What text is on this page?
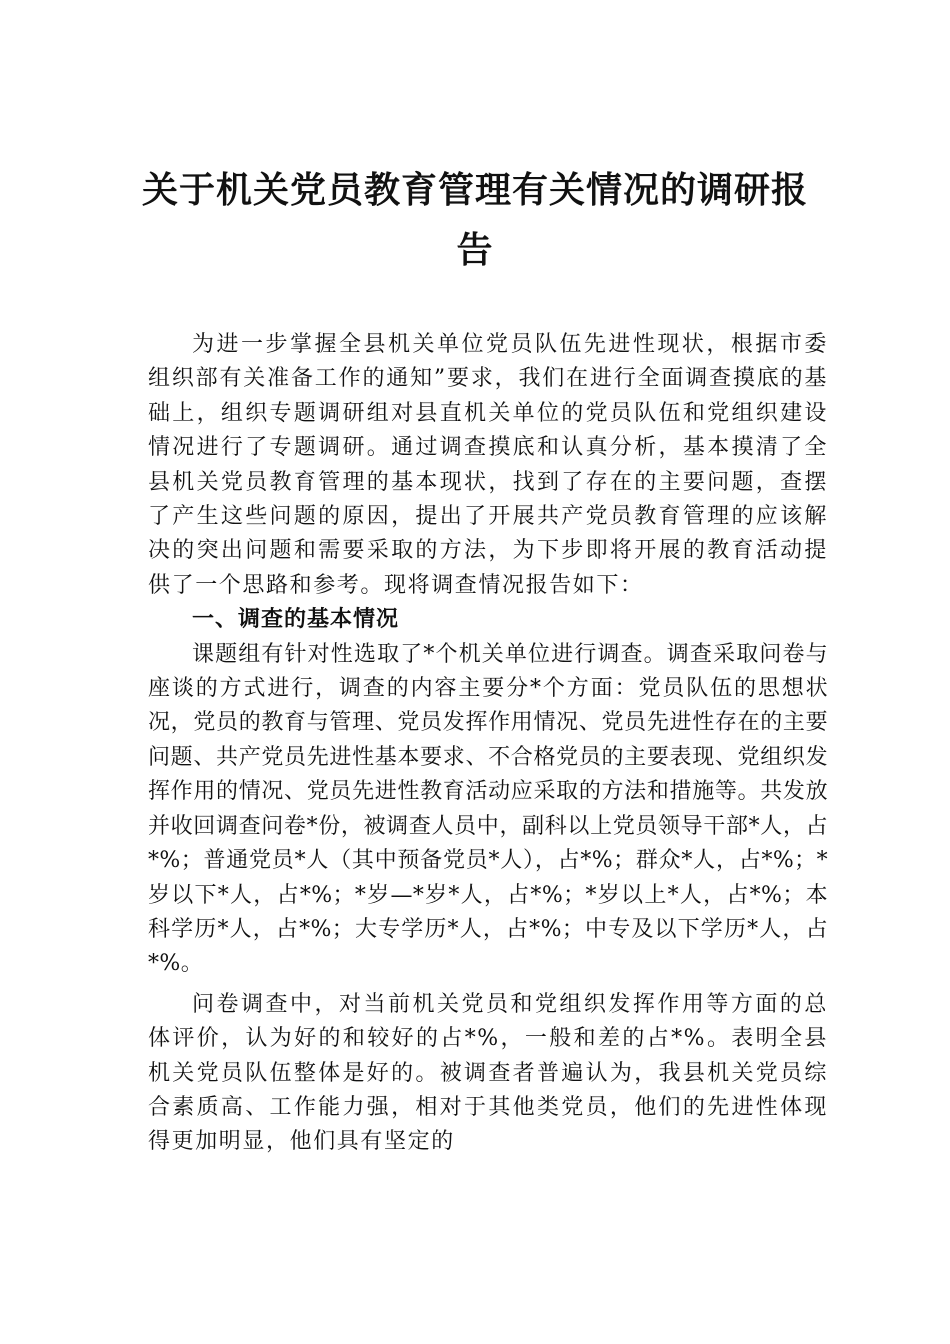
关于机关党员教育管理有关情况的调研报
告

为进一步掌握全县机关单位党员队伍先进性现状，根据市委组织部有关准备工作的通知”要求，我们在进行全面调查摸底的基础上，组织专题调研组对县直机关单位的党员队伍和党组织建设情况进行了专题调研。通过调查摸底和认真分析，基本摸清了全县机关党员教育管理的基本现状，找到了存在的主要问题，查摆了产生这些问题的原因，提出了开展共产党员教育管理的应该解决的突出问题和需要采取的方法，为下步即将开展的教育活动提供了一个思路和参考。现将调查情况报告如下：

一、调查的基本情况

课题组有针对性选取了*个机关单位进行调查。调查采取问卷与座谈的方式进行，调查的内容主要分*个方面：党员队伍的思想状况，党员的教育与管理、党员发挥作用情况、党员先进性存在的主要问题、共产党员先进性基本要求、不合格党员的主要表现、党组织发挥作用的情况、党员先进性教育活动应采取的方法和措施等。共发放并收回调查问卷*份，被调查人员中，副科以上党员领导干部*人，占*%；普通党员*人（其中预备党员*人），占*%；群众*人，占*%；*岁以下*人，占*%；*岁—*岁*人，占*%；*岁以上*人，占*%；本科学历*人，占*%；大专学历*人，占*%；中专及以下学历*人，占*%。

问卷调查中，对当前机关党员和党组织发挥作用等方面的总体评价，认为好的和较好的占*%，一般和差的占*%。表明全县机关党员队伍整体是好的。被调查者普遍认为，我县机关党员综合素质高、工作能力强，相对于其他类党员，他们的先进性体现得更加明显，他们具有坚定的
